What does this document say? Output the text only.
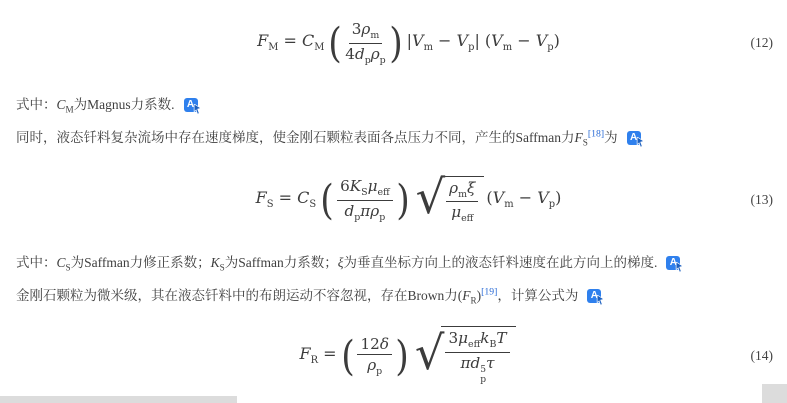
$F_M = C_M$ ( $\frac{3\rho_m}{4d_p\rho_p}$ ) $|V_m - V_p|$ $(V_m - V_p)$	(12)
式中：$C_M$为Magnus力系数. A
同时，液态钎料复杂流场中存在速度梯度，使金刚石颗粒表面各点压力不同，产生的Saffman力$F_S[18]$为 A
$F_S = C_S$ ( $\frac{6K_S\mu_{eff}}{d_p\pi\rho_p}$ ) √ $\frac{\rho_m\xi}{\mu_{eff}} (V_m - V_p)$	(13)
式中：$C_S$为Saffman力修正系数；$K_S$为Saffman力系数；ξ为垂直坐标方向上的液态钎料速度在此方向上的梯度. A
金刚石颗粒为微米级，其在液态钎料中的布朗运动不容忽视，存在Brown力$(F_R)[19]$，计算公式为 A
$F_R$ = ( $\frac{12\delta}{\rho_p}$ ) √ $3\mu_{eff}k_BT$
πd 5
p
τ	(14)
